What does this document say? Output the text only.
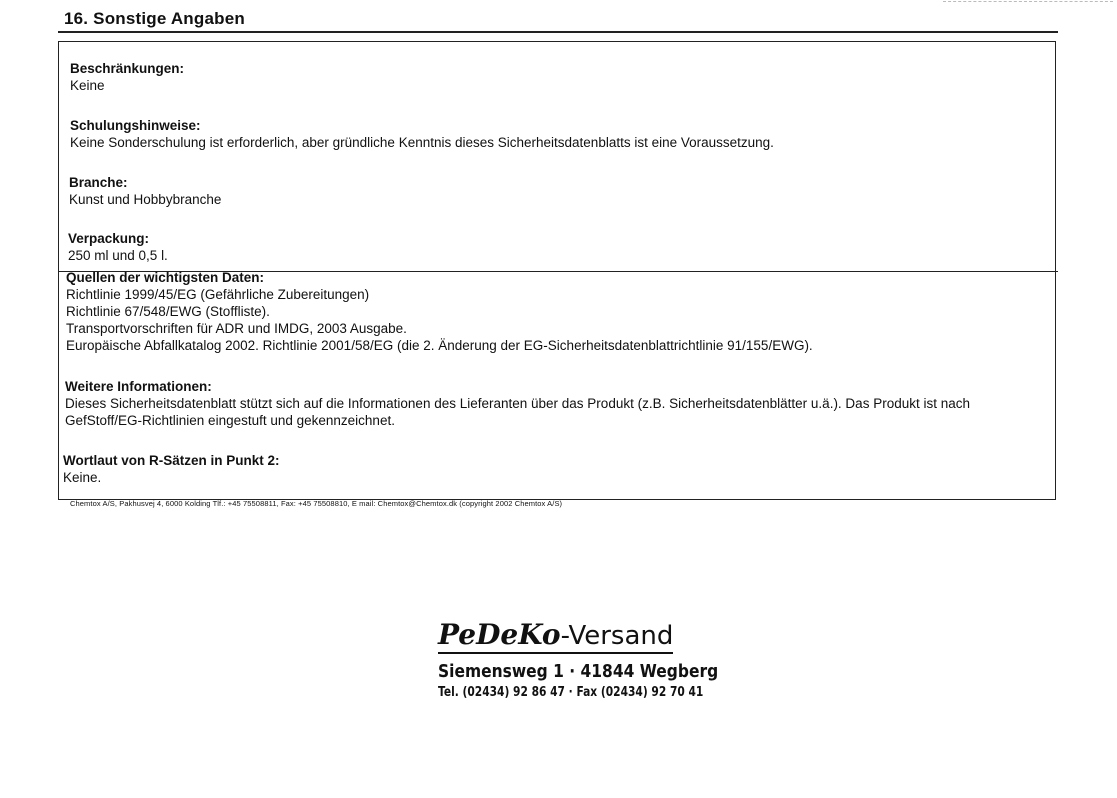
16. Sonstige Angaben
Beschränkungen:
Keine
Schulungshinweise:
Keine Sonderschulung ist erforderlich, aber gründliche Kenntnis dieses Sicherheitsdatenblatts ist eine Voraussetzung.
Branche:
Kunst und Hobbybranche
Verpackung:
250 ml und 0,5 l.
Quellen der wichtigsten Daten:
Richtlinie 1999/45/EG (Gefährliche Zubereitungen)
Richtlinie 67/548/EWG (Stoffliste).
Transportvorschriften für ADR und IMDG, 2003 Ausgabe.
Europäische Abfallkatalog 2002. Richtlinie 2001/58/EG (die 2. Änderung der EG-Sicherheitsdatenblattrichtlinie 91/155/EWG).
Weitere Informationen:
Dieses Sicherheitsdatenblatt stützt sich auf die Informationen des Lieferanten über das Produkt (z.B. Sicherheitsdatenblätter u.ä.). Das Produkt ist nach
GefStoff/EG-Richtlinien eingestuft und gekennzeichnet.
Wortlaut von R-Sätzen in Punkt 2:
Keine.
Chemtox A/S, Pakhusvej 4, 6000 Kolding Tlf.: +45 75508811, Fax: +45 75508810, E mail: Chemtox@Chemtox.dk (copyright 2002 Chemtox A/S)
PeDeKo-Versand
Siemensweg 1 · 41844 Wegberg
Tel. (02434) 92 86 47 · Fax (02434) 92 70 41
